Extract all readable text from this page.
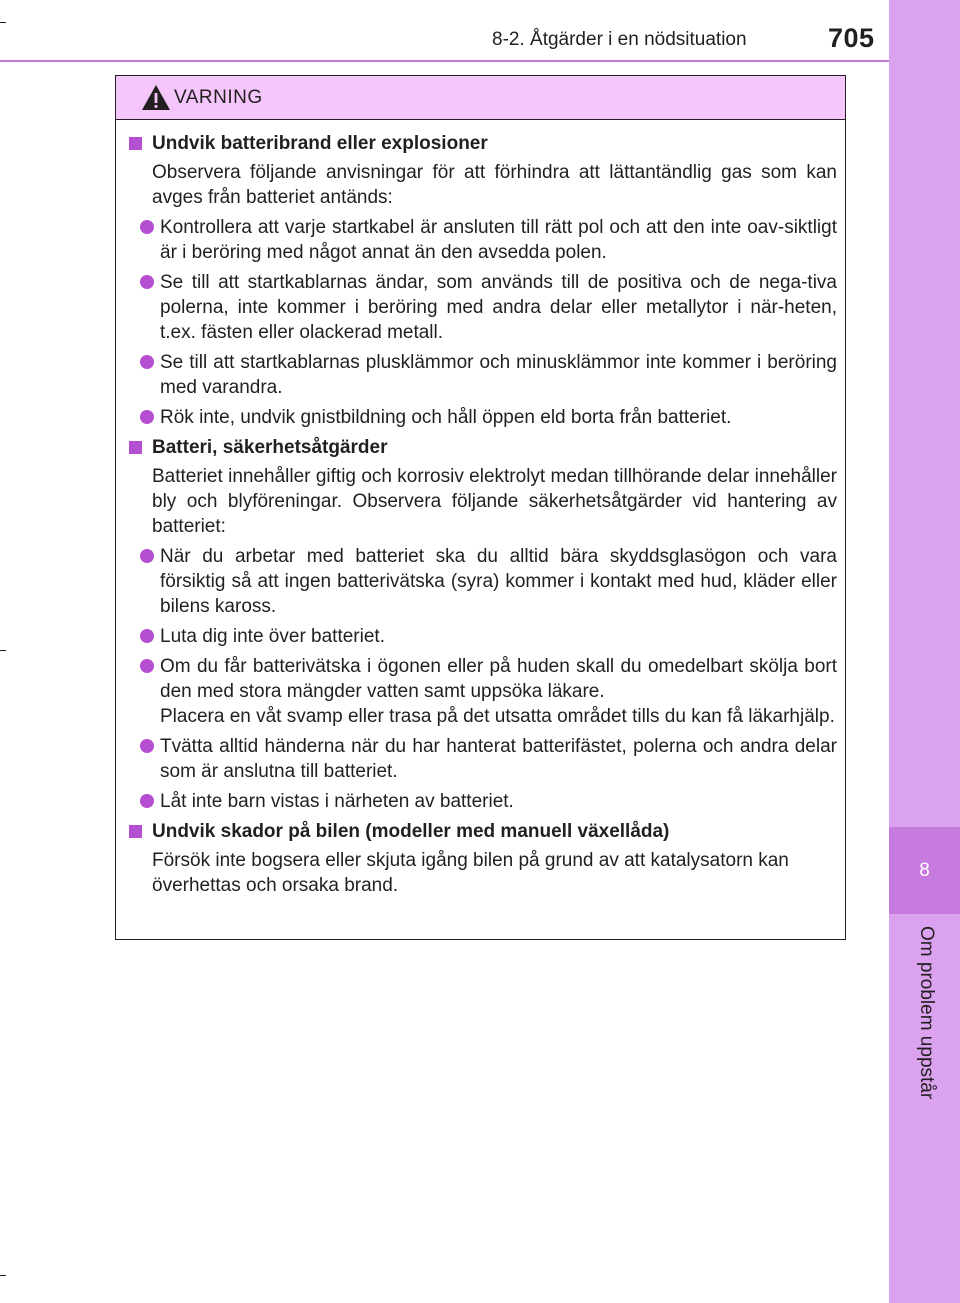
8-2. Åtgärder i en nödsituation	705
8
Om problem uppstår
VARNING
Undvik batteribrand eller explosioner
Observera följande anvisningar för att förhindra att lättantändlig gas som kan avges från batteriet antänds:
Kontrollera att varje startkabel är ansluten till rätt pol och att den inte oav-siktligt är i beröring med något annat än den avsedda polen.
Se till att startkablarnas ändar, som används till de positiva och de nega-tiva polerna, inte kommer i beröring med andra delar eller metallytor i när-heten, t.ex. fästen eller olackerad metall.
Se till att startkablarnas plusklämmor och minusklämmor inte kommer i beröring med varandra.
Rök inte, undvik gnistbildning och håll öppen eld borta från batteriet.
Batteri, säkerhetsåtgärder
Batteriet innehåller giftig och korrosiv elektrolyt medan tillhörande delar innehåller bly och blyföreningar. Observera följande säkerhetsåtgärder vid hantering av batteriet:
När du arbetar med batteriet ska du alltid bära skyddsglasögon och vara försiktig så att ingen batterivätska (syra) kommer i kontakt med hud, kläder eller bilens kaross.
Luta dig inte över batteriet.
Om du får batterivätska i ögonen eller på huden skall du omedelbart skölja bort den med stora mängder vatten samt uppsöka läkare.
Placera en våt svamp eller trasa på det utsatta området tills du kan få läkarhjälp.
Tvätta alltid händerna när du har hanterat batterifästet, polerna och andra delar som är anslutna till batteriet.
Låt inte barn vistas i närheten av batteriet.
Undvik skador på bilen (modeller med manuell växellåda)
Försök inte bogsera eller skjuta igång bilen på grund av att katalysatorn kan överhettas och orsaka brand.
